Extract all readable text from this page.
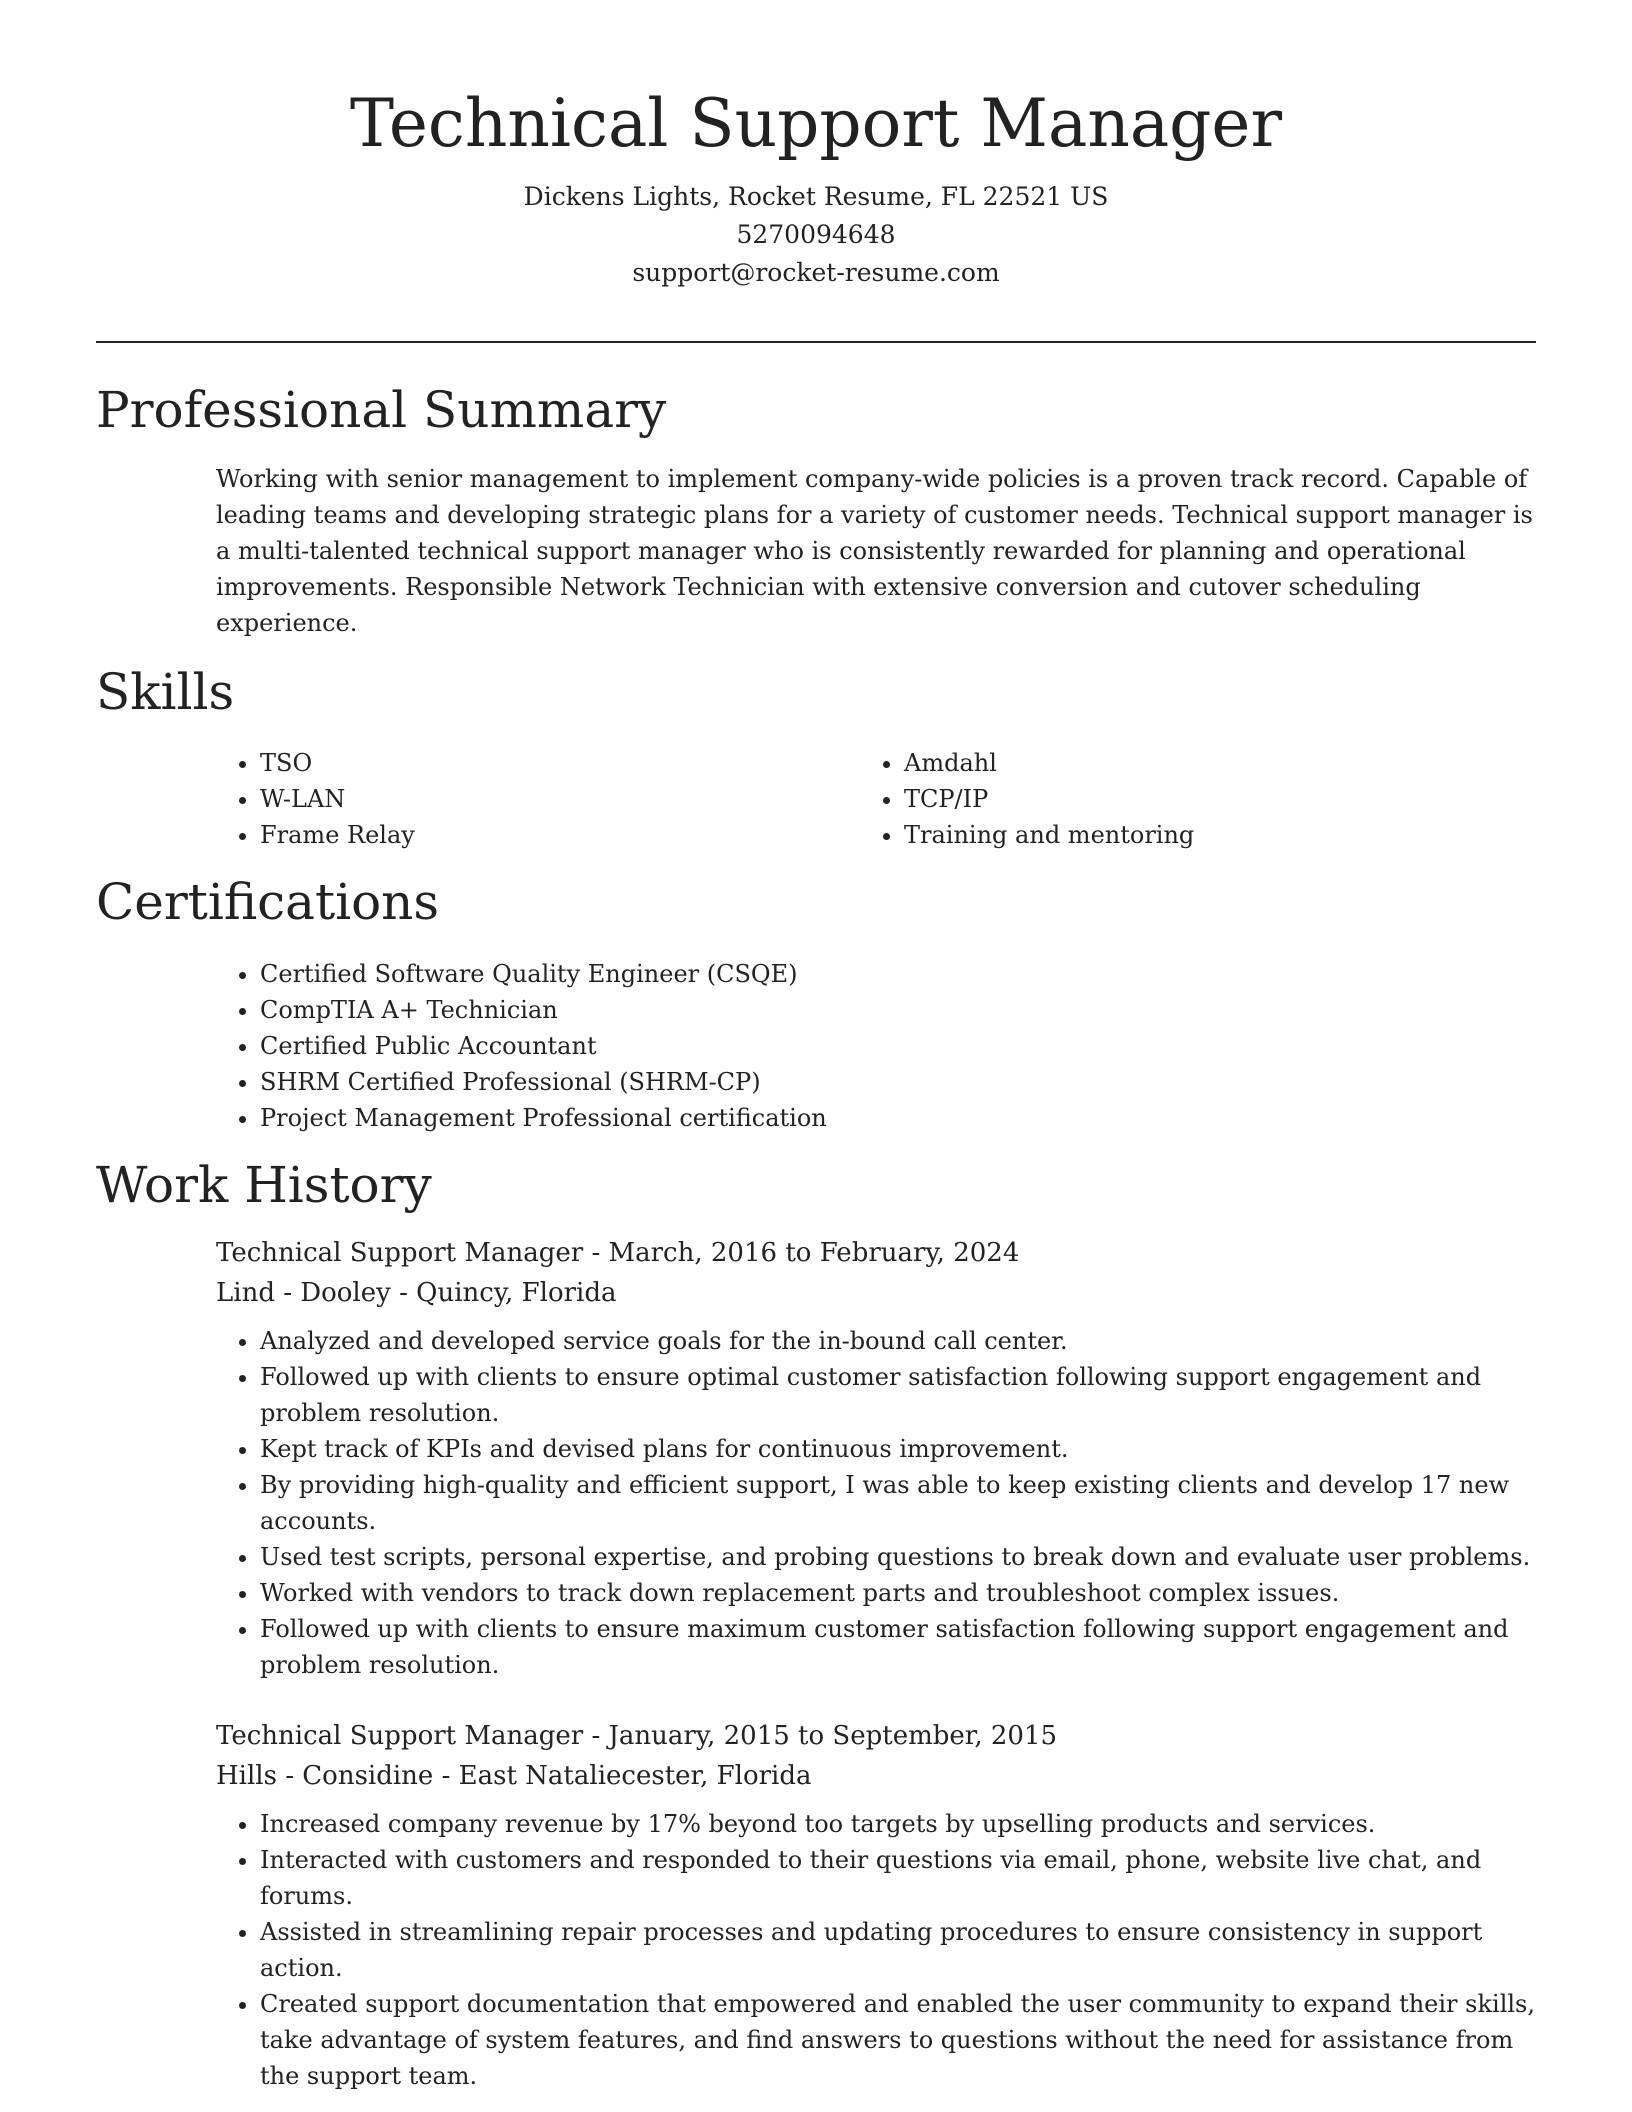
Technical Support Manager
Dickens Lights, Rocket Resume, FL 22521 US
5270094648
support@rocket-resume.com
Professional Summary

Working with senior management to implement company-wide policies is a proven track record. Capable of leading teams and developing strategic plans for a variety of customer needs. Technical support manager is a multi-talented technical support manager who is consistently rewarded for planning and operational improvements. Responsible Network Technician with extensive conversion and cutover scheduling experience.

Skills
• TSO
• W-LAN
• Frame Relay
• Amdahl
• TCP/IP
• Training and mentoring
Certifications
• Certified Software Quality Engineer (CSQE)
• CompTIA A+ Technician
• Certified Public Accountant
• SHRM Certified Professional (SHRM-CP)
• Project Management Professional certification
Work History
Technical Support Manager - March, 2016 to February, 2024
Lind - Dooley - Quincy, Florida
• Analyzed and developed service goals for the in-bound call center.
• Followed up with clients to ensure optimal customer satisfaction following support engagement and problem resolution.
• Kept track of KPIs and devised plans for continuous improvement.
• By providing high-quality and efficient support, I was able to keep existing clients and develop 17 new accounts.
• Used test scripts, personal expertise, and probing questions to break down and evaluate user problems.
• Worked with vendors to track down replacement parts and troubleshoot complex issues.
• Followed up with clients to ensure maximum customer satisfaction following support engagement and problem resolution.
Technical Support Manager - January, 2015 to September, 2015
Hills - Considine - East Nataliecester, Florida
• Increased company revenue by 17% beyond too targets by upselling products and services.
• Interacted with customers and responded to their questions via email, phone, website live chat, and forums.
• Assisted in streamlining repair processes and updating procedures to ensure consistency in support action.
• Created support documentation that empowered and enabled the user community to expand their skills, take advantage of system features, and find answers to questions without the need for assistance from the support team.
